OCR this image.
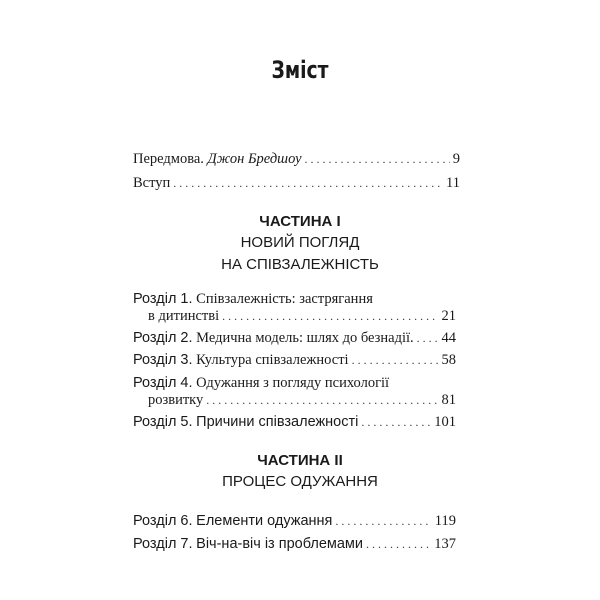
Зміст
Передмова. Джон Бредшоу . . .	9
Вступ . . .	11
ЧАСТИНА I
НОВИЙ ПОГЛЯД
НА СПІВЗАЛЕЖНІСТЬ
Розділ 1. Співзалежність: застрягання
в дитинстві . . .	21
Розділ 2. Медична модель: шлях до безнадії. . . . 44
Розділ 3. Культура співзалежності . . .	58
Розділ 4. Одужання з погляду психології
розвитку . . .	81
Розділ 5. Причини співзалежності . . .	101
ЧАСТИНА II
ПРОЦЕС ОДУЖАННЯ
Розділ 6. Елементи одужання . . .	119
Розділ 7. Віч-на-віч із проблемами . . .	137
